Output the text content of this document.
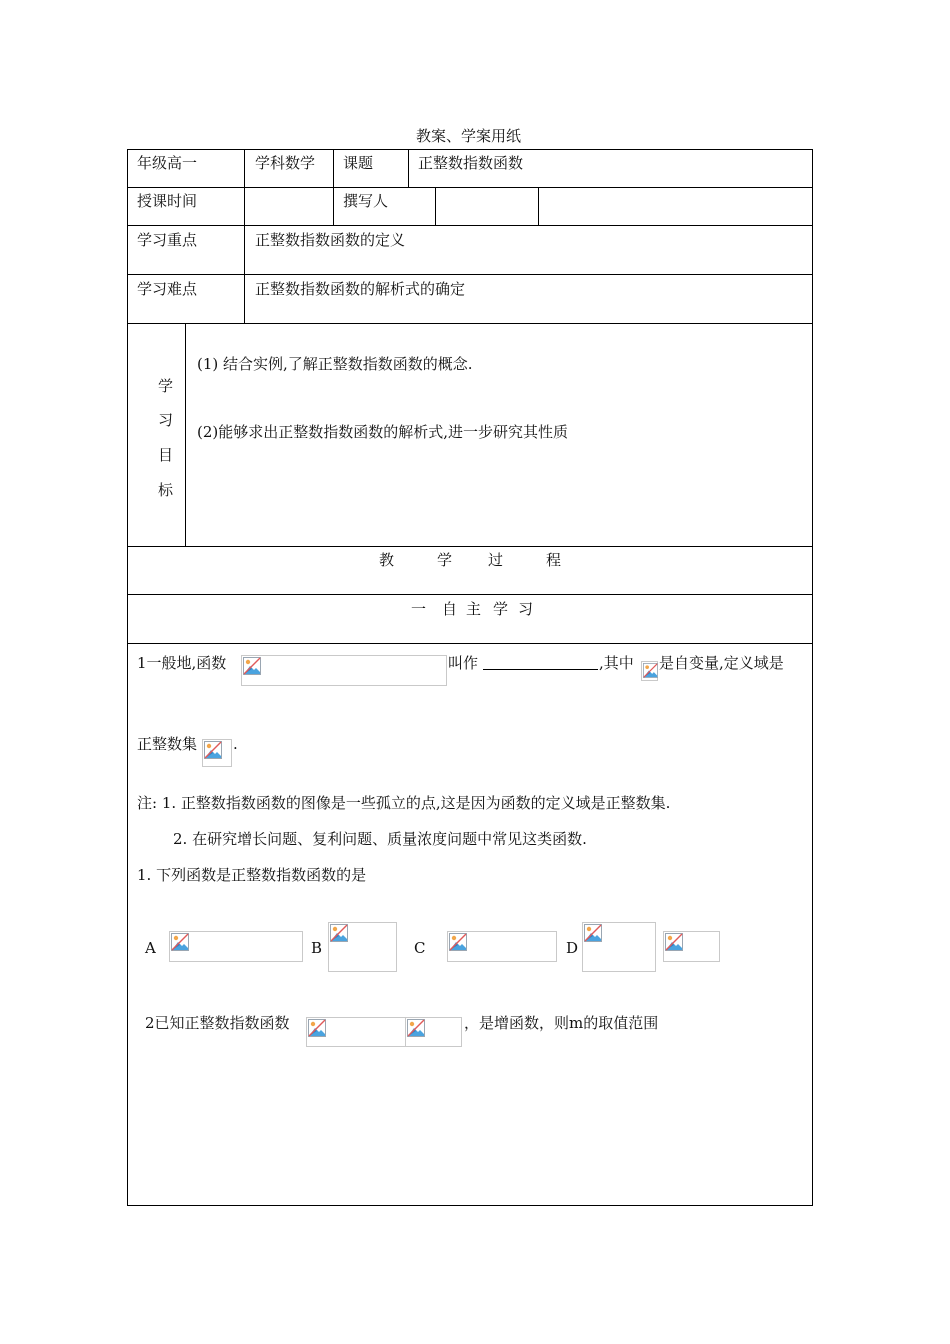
教案、学案用纸
年级高一	学科数学 课题	正整数指数函数
授课时间	撰写人
学习重点	正整数指数函数的定义
学习难点	正整数指数函数的解析式的确定
学
习
目
标
(1) 结合实例,了解正整数指数函数的概念.
(2)能够求出正整数指数函数的解析式,进一步研究其性质
教	学 过	程
一 自 主 学 习
1一般地,函数	叫作	,其中 是自变量,定义域是
正整数集 .
注: 1. 正整数指数函数的图像是一些孤立的点,这是因为函数的定义域是正整数集.
2. 在研究增长问题、复利问题、质量浓度问题中常见这类函数.
1. 下列函数是正整数指数函数的是
A	B	C	D
2已知正整数指数函数	，是增函数，则m的取值范围
